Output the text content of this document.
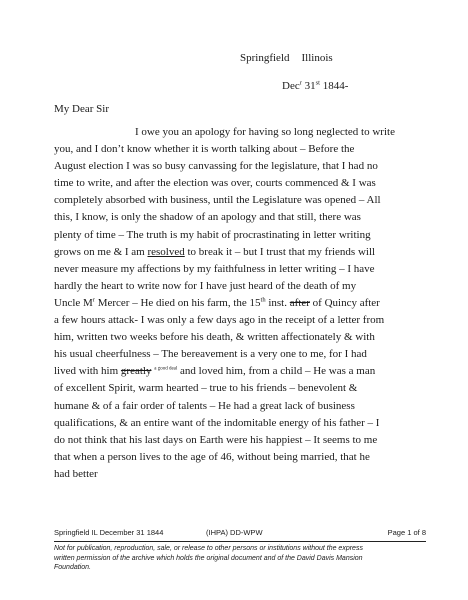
Springfield Illinois
Dec$^r$ 31st 1844-
My Dear Sir
I owe you an apology for having so long neglected to write
you, and I don’t know whether it is worth talking about – Before the
August election I was so busy canvassing for the legislature, that I had no
time to write, and after the election was over, courts commenced & I was
completely absorbed with business, until the Legislature was opened – All
this, I know, is only the shadow of an apology and that still, there was
plenty of time – The truth is my habit of procrastinating in letter writing
grows on me & I am resolved to break it – but I trust that my friends will
never measure my affections by my faithfulness in letter writing – I have
hardly the heart to write now for I have just heard of the death of my
Uncle $M^r$ Mercer – He died on his farm, the 15th inst. after of Quincy after
a few hours attack- I was only a few days ago in the receipt of a letter from
him, written two weeks before his death, & written affectionately & with
his usual cheerfulness – The bereavement is a very one to me, for I had
lived with him greatly $^{a good deal}$ and loved him, from a child – He was a man
of excellent Spirit, warm hearted – true to his friends – benevolent &
humane & of a fair order of talents – He had a great lack of business
qualifications, & an entire want of the indomitable energy of his father – I
do not think that his last days on Earth were his happiest – It seems to me
that when a person lives to the age of 46, without being married, that he
had better
Springfield IL December 31 1844	(IHPA) DD-WPW	Page 1 of 8
Not for publication, reproduction, sale, or release to other persons or institutions without the express
written permission of the archive which holds the original document and of the David Davis Mansion
Foundation.
